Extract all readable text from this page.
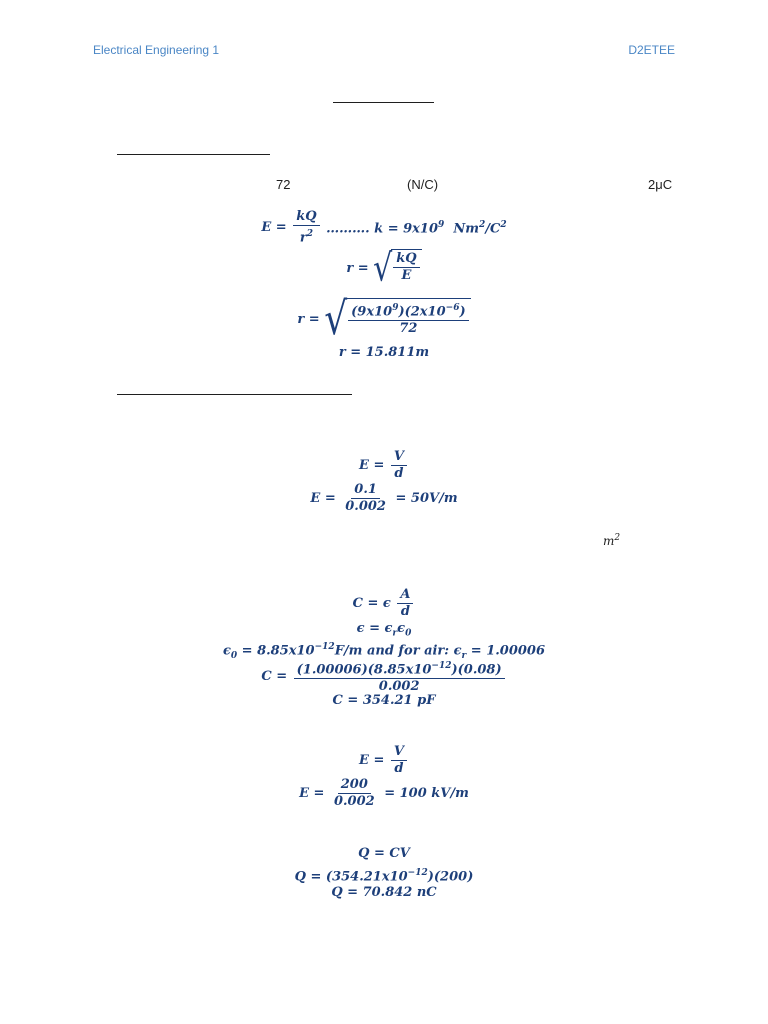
Electrical Engineering 1	D2ETEE
72	(N/C)	2μC
$E = \frac{kQ}{r^2}$ ………. $k = 9x10^9$ $Nm^2/C^2$
r = √ $\frac{kQ}{E}$
r = √ $\frac{(9x10^9)(2x10^{-6})}{72}$
r = 15.811m
$E = \frac{V}{d}$
$E = \frac{0.1}{0.002} = 50V/m$
$m^2$
C = ϵ $\frac{A}{d}$
$\epsilon = \epsilon_r\epsilon_0$
$\epsilon_0 = 8.85x10^{-12}F/m$ and for air: $\epsilon_r = 1.00006$
$C = \frac{(1.00006)(8.85x10^{-12})(0.08)}{0.002}$
C = 354.21 pF
$E = \frac{V}{d}$
$E = \frac{200}{0.002} = 100$ kV/m
Q = CV
$Q = (354.21x10^{-12})(200)$
Q = 70.842 nC
